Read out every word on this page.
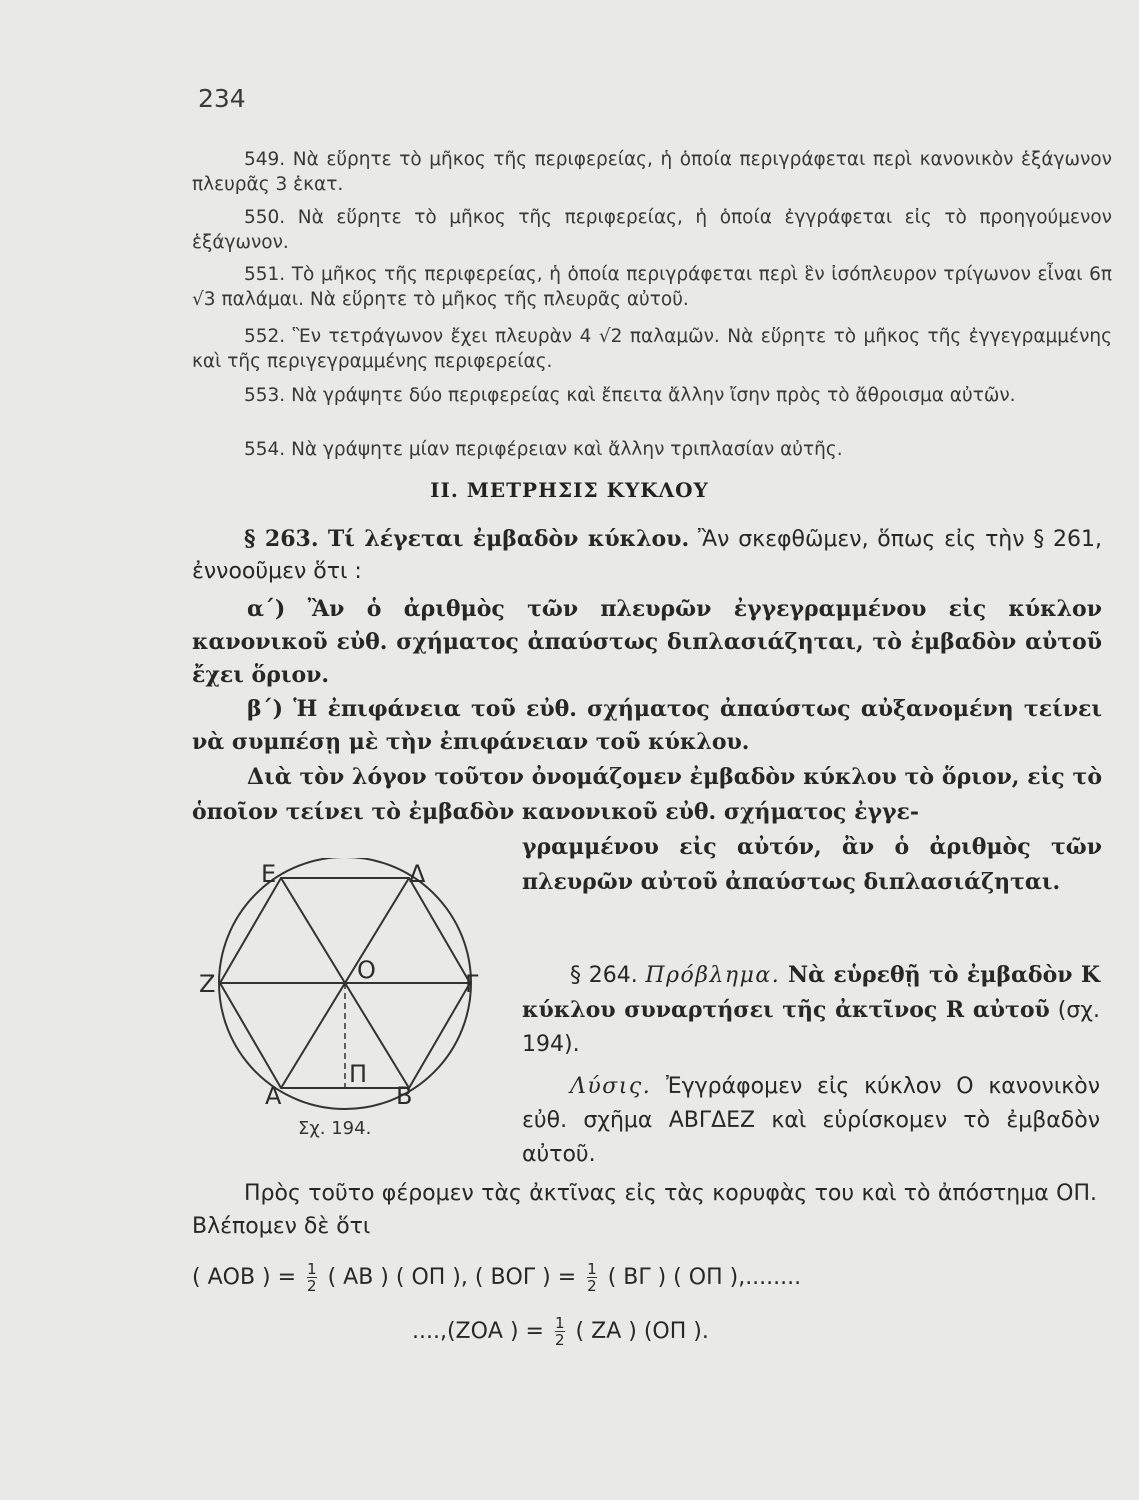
234

549. Νὰ εὕρητε τὸ μῆκος τῆς περιφερείας, ἡ ὁποία περιγράφεται περὶ κανονικὸν ἑξάγωνον πλευρᾶς 3 ἑκατ.

550. Νὰ εὕρητε τὸ μῆκος τῆς περιφερείας, ἡ ὁποία ἐγγράφεται εἰς τὸ προηγούμενον ἑξάγωνον.

551. Τὸ μῆκος τῆς περιφερείας, ἡ ὁποία περιγράφεται περὶ ἓν ἰσόπλευρον τρίγωνον εἶναι 6π √3 παλάμαι. Νὰ εὕρητε τὸ μῆκος τῆς πλευρᾶς αὐτοῦ.

552. Ἓν τετράγωνον ἔχει πλευρὰν 4 √2 παλαμῶν. Νὰ εὕρητε τὸ μῆκος τῆς ἐγγεγραμμένης καὶ τῆς περιγεγραμμένης περιφερείας.

553. Νὰ γράψητε δύο περιφερείας καὶ ἔπειτα ἄλλην ἴσην πρὸς τὸ ἄθροισμα αὐτῶν.

554. Νὰ γράψητε μίαν περιφέρειαν καὶ ἄλλην τριπλασίαν αὐτῆς.

ΙΙ. ΜΕΤΡΗΣΙΣ ΚΥΚΛΟΥ

§ 263. Τί λέγεται ἐμβαδὸν κύκλου. Ἂν σκεφθῶμεν, ὅπως εἰς τὴν § 261, ἐννοοῦμεν ὅτι :

α΄) Ἂν ὁ ἀριθμὸς τῶν πλευρῶν ἐγγεγραμμένου εἰς κύκλον κανονικοῦ εὐθ. σχήματος ἀπαύστως διπλασιάζηται, τὸ ἐμβαδὸν αὐτοῦ ἔχει ὅριον.

β΄) Ἡ ἐπιφάνεια τοῦ εὐθ. σχήματος ἀπαύστως αὐξανομένη τείνει νὰ συμπέσῃ μὲ τὴν ἐπιφάνειαν τοῦ κύκλου.

Διὰ τὸν λόγον τοῦτον ὀνομάζομεν ἐμβαδὸν κύκλου τὸ ὅριον, εἰς τὸ ὁποῖον τείνει τὸ ἐμβαδὸν κανονικοῦ εὐθ. σχήματος ἐγγε-

γραμμένου εἰς αὐτόν, ἂν ὁ ἀριθμὸς τῶν πλευρῶν αὐτοῦ ἀπαύστως διπλασιάζηται.

Ε	Δ
Ζ	Ο	Γ
Α
Π
Β
Σχ. 194.

§ 264. Πρόβλημα. Νὰ εὑρεθῇ τὸ ἐμβαδὸν Κ κύκλου συναρτήσει τῆς ἀκτῖνος R αὐτοῦ (σχ. 194).

Λύσις. Ἐγγράφομεν εἰς κύκλον Ο κανονικὸν εὐθ. σχῆμα ΑΒΓΔΕΖ καὶ εὑρίσκομεν τὸ ἐμβαδὸν αὐτοῦ.

Πρὸς τοῦτο φέρομεν τὰς ἀκτῖνας εἰς τὰς κορυφὰς του καὶ τὸ ἀπόστημα ΟΠ. Βλέπομεν δὲ ὅτι

( ΑΟΒ ) = $\frac{1}{2}$ ( ΑΒ ) ( ΟΠ ), ( ΒΟΓ ) = $\frac{1}{2}$ ( ΒΓ ) ( ΟΠ ),........
....,(ΖΟΑ ) = $\frac{1}{2}$ ( ΖΑ ) (ΟΠ ).
